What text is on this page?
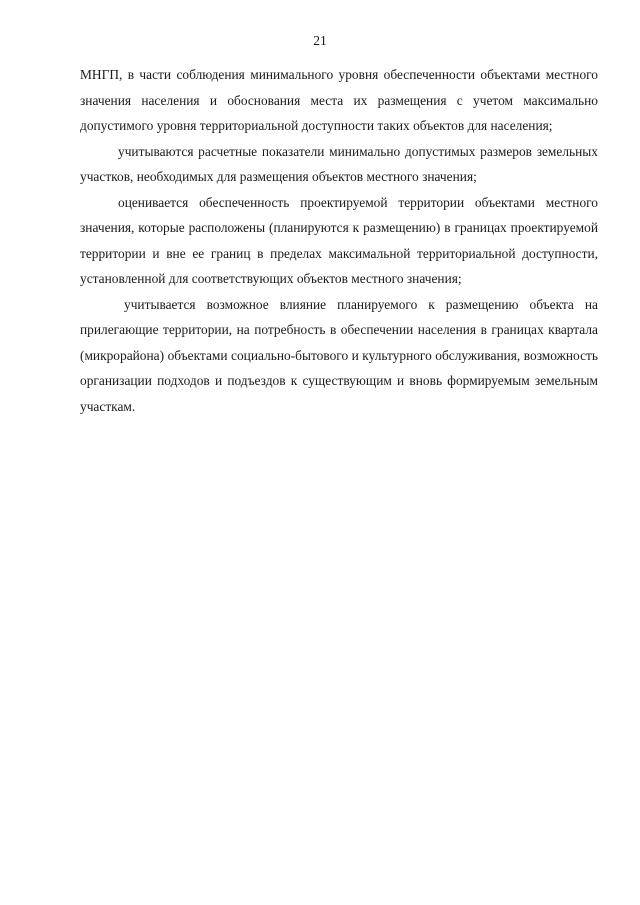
21

МНГП, в части соблюдения минимального уровня обеспеченности объектами местного значения населения и обоснования места их размещения с учетом максимально допустимого уровня территориальной доступности таких объектов для населения;

учитываются расчетные показатели минимально допустимых размеров земельных участков, необходимых для размещения объектов местного значения;

оценивается обеспеченность проектируемой территории объектами местного значения, которые расположены (планируются к размещению) в границах проектируемой территории и вне ее границ в пределах максимальной территориальной доступности, установленной для соответствующих объектов местного значения;

учитывается возможное влияние планируемого к размещению объекта на прилегающие территории, на потребность в обеспечении населения в границах квартала (микрорайона) объектами социально-бытового и культурного обслуживания, возможность организации подходов и подъездов к существующим и вновь формируемым земельным участкам.
